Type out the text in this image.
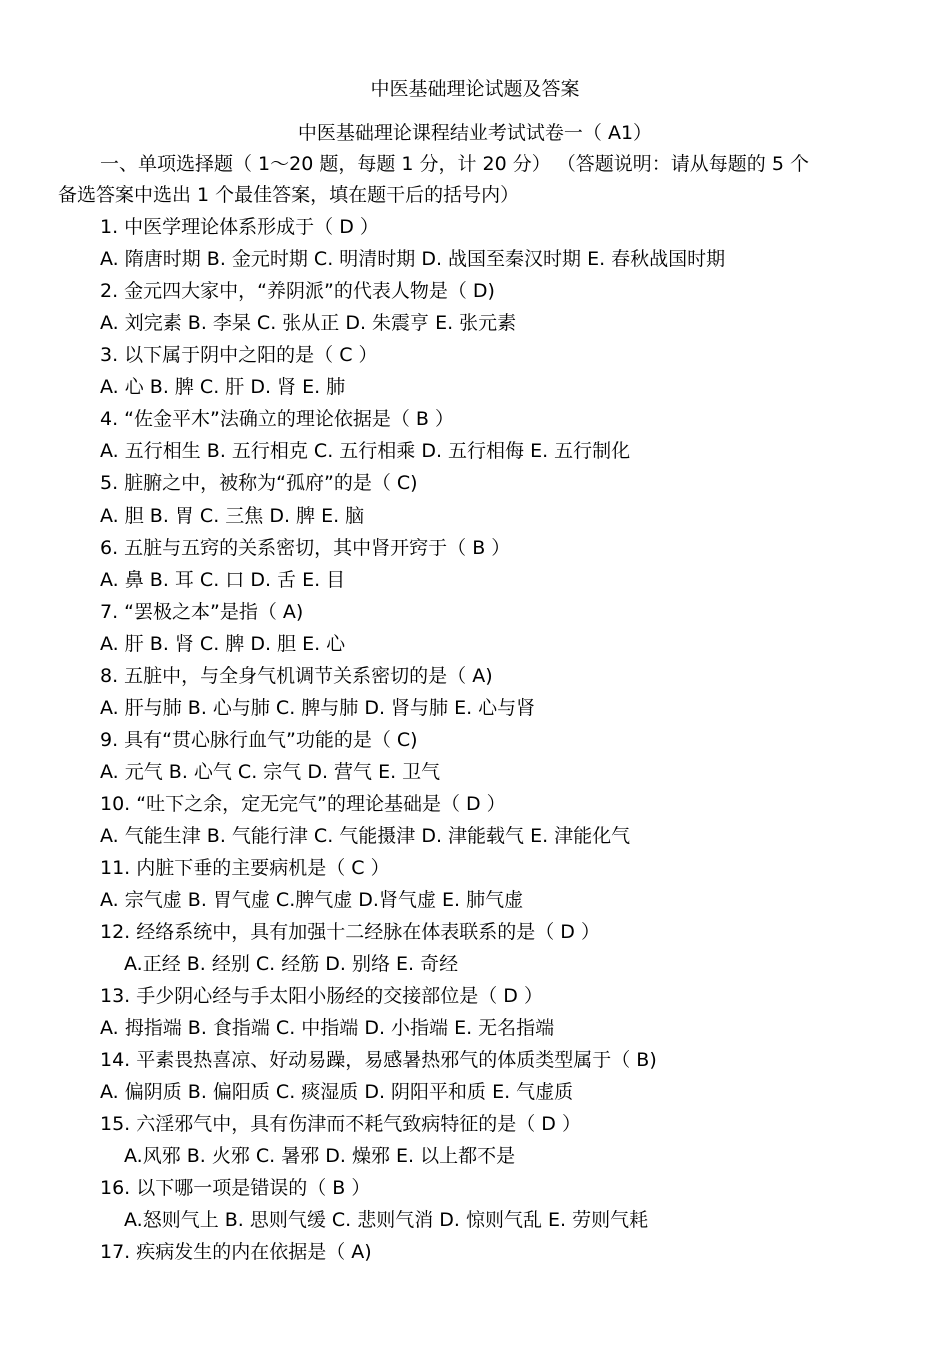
中医基础理论试题及答案
中医基础理论课程结业考试试卷一（ A1）
一、单项选择题（ 1～20 题，每题 1 分，计 20 分） （答题说明：请从每题的 5 个
备选答案中选出 1 个最佳答案，填在题干后的括号内）
1. 中医学理论体系形成于（ D ）
A. 隋唐时期 B. 金元时期 C. 明清时期 D. 战国至秦汉时期 E. 春秋战国时期
2. 金元四大家中，“养阴派”的代表人物是（ D)
A. 刘完素 B. 李杲 C. 张从正 D. 朱震亨 E. 张元素
3. 以下属于阴中之阳的是（ C ）
A. 心 B. 脾 C. 肝 D. 肾 E. 肺
4. “佐金平木”法确立的理论依据是（ B ）
A. 五行相生 B. 五行相克 C. 五行相乘 D. 五行相侮 E. 五行制化
5. 脏腑之中，被称为“孤府”的是（ C)
A. 胆 B. 胃 C. 三焦 D. 脾 E. 脑
6. 五脏与五窍的关系密切，其中肾开窍于（ B ）
A. 鼻 B. 耳 C. 口 D. 舌 E. 目
7. “罢极之本”是指（ A)
A. 肝 B. 肾 C. 脾 D. 胆 E. 心
8. 五脏中，与全身气机调节关系密切的是（ A)
A. 肝与肺 B. 心与肺 C. 脾与肺 D. 肾与肺 E. 心与肾
9. 具有“贯心脉行血气”功能的是（ C)
A. 元气 B. 心气 C. 宗气 D. 营气 E. 卫气
10. “吐下之余，定无完气”的理论基础是（ D ）
A. 气能生津 B. 气能行津 C. 气能摄津 D. 津能载气 E. 津能化气
11. 内脏下垂的主要病机是（ C ）
A. 宗气虚 B. 胃气虚 C.脾气虚 D.肾气虚 E. 肺气虚
12. 经络系统中，具有加强十二经脉在体表联系的是（ D ）
A.正经 B. 经别 C. 经筋 D. 别络 E. 奇经
13. 手少阴心经与手太阳小肠经的交接部位是（ D ）
A. 拇指端 B. 食指端 C. 中指端 D. 小指端 E. 无名指端
14. 平素畏热喜凉、好动易躁，易感暑热邪气的体质类型属于（ B)
A. 偏阴质 B. 偏阳质 C. 痰湿质 D. 阴阳平和质 E. 气虚质
15. 六淫邪气中，具有伤津而不耗气致病特征的是（ D ）
A.风邪 B. 火邪 C. 暑邪 D. 燥邪 E. 以上都不是
16. 以下哪一项是错误的（ B ）
A.怒则气上 B. 思则气缓 C. 悲则气消 D. 惊则气乱 E. 劳则气耗
17. 疾病发生的内在依据是（ A)
